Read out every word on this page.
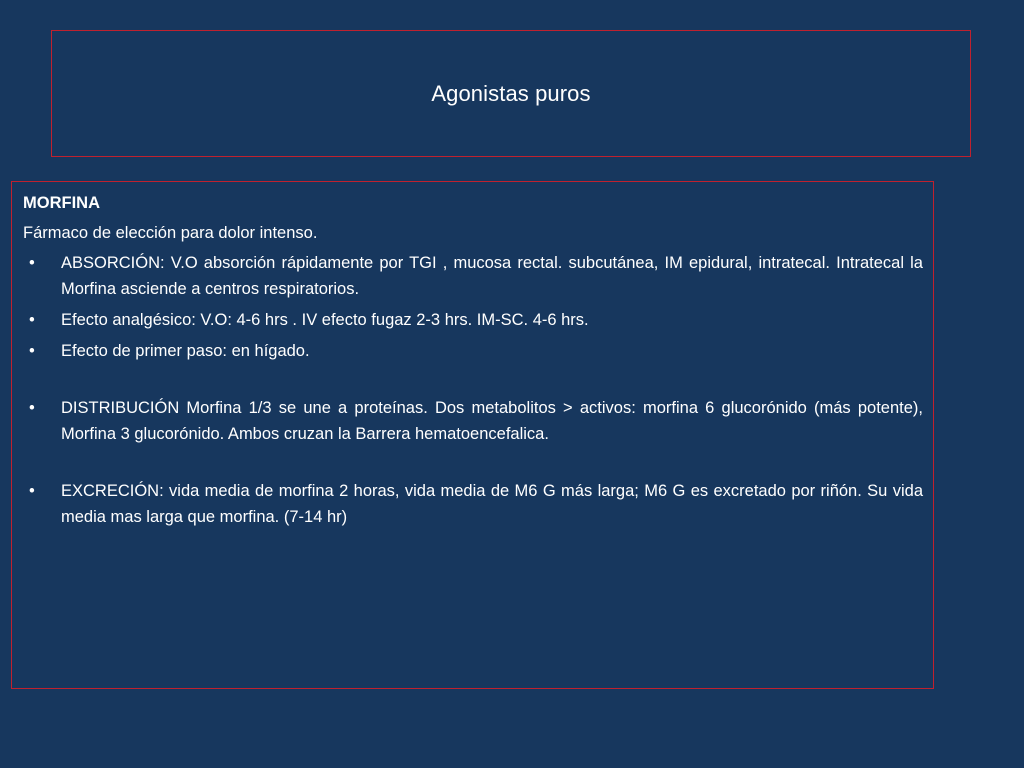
Agonistas puros
MORFINA
Fármaco de elección para dolor intenso.
• ABSORCIÓN: V.O absorción rápidamente por TGI , mucosa rectal. subcutánea, IM epidural, intratecal. Intratecal la Morfina asciende a centros respiratorios.
• Efecto analgésico: V.O: 4-6 hrs . IV efecto fugaz 2-3 hrs. IM-SC. 4-6 hrs.
• Efecto de primer paso: en hígado.
• DISTRIBUCIÓN Morfina 1/3 se une a proteínas. Dos metabolitos > activos: morfina 6 glucorónido (más potente), Morfina 3 glucorónido. Ambos cruzan la Barrera hematoencefalica.
• EXCRECIÓN: vida media de morfina 2 horas, vida media de M6 G más larga; M6 G es excretado por riñón. Su vida media mas larga que morfina. (7-14 hr)
